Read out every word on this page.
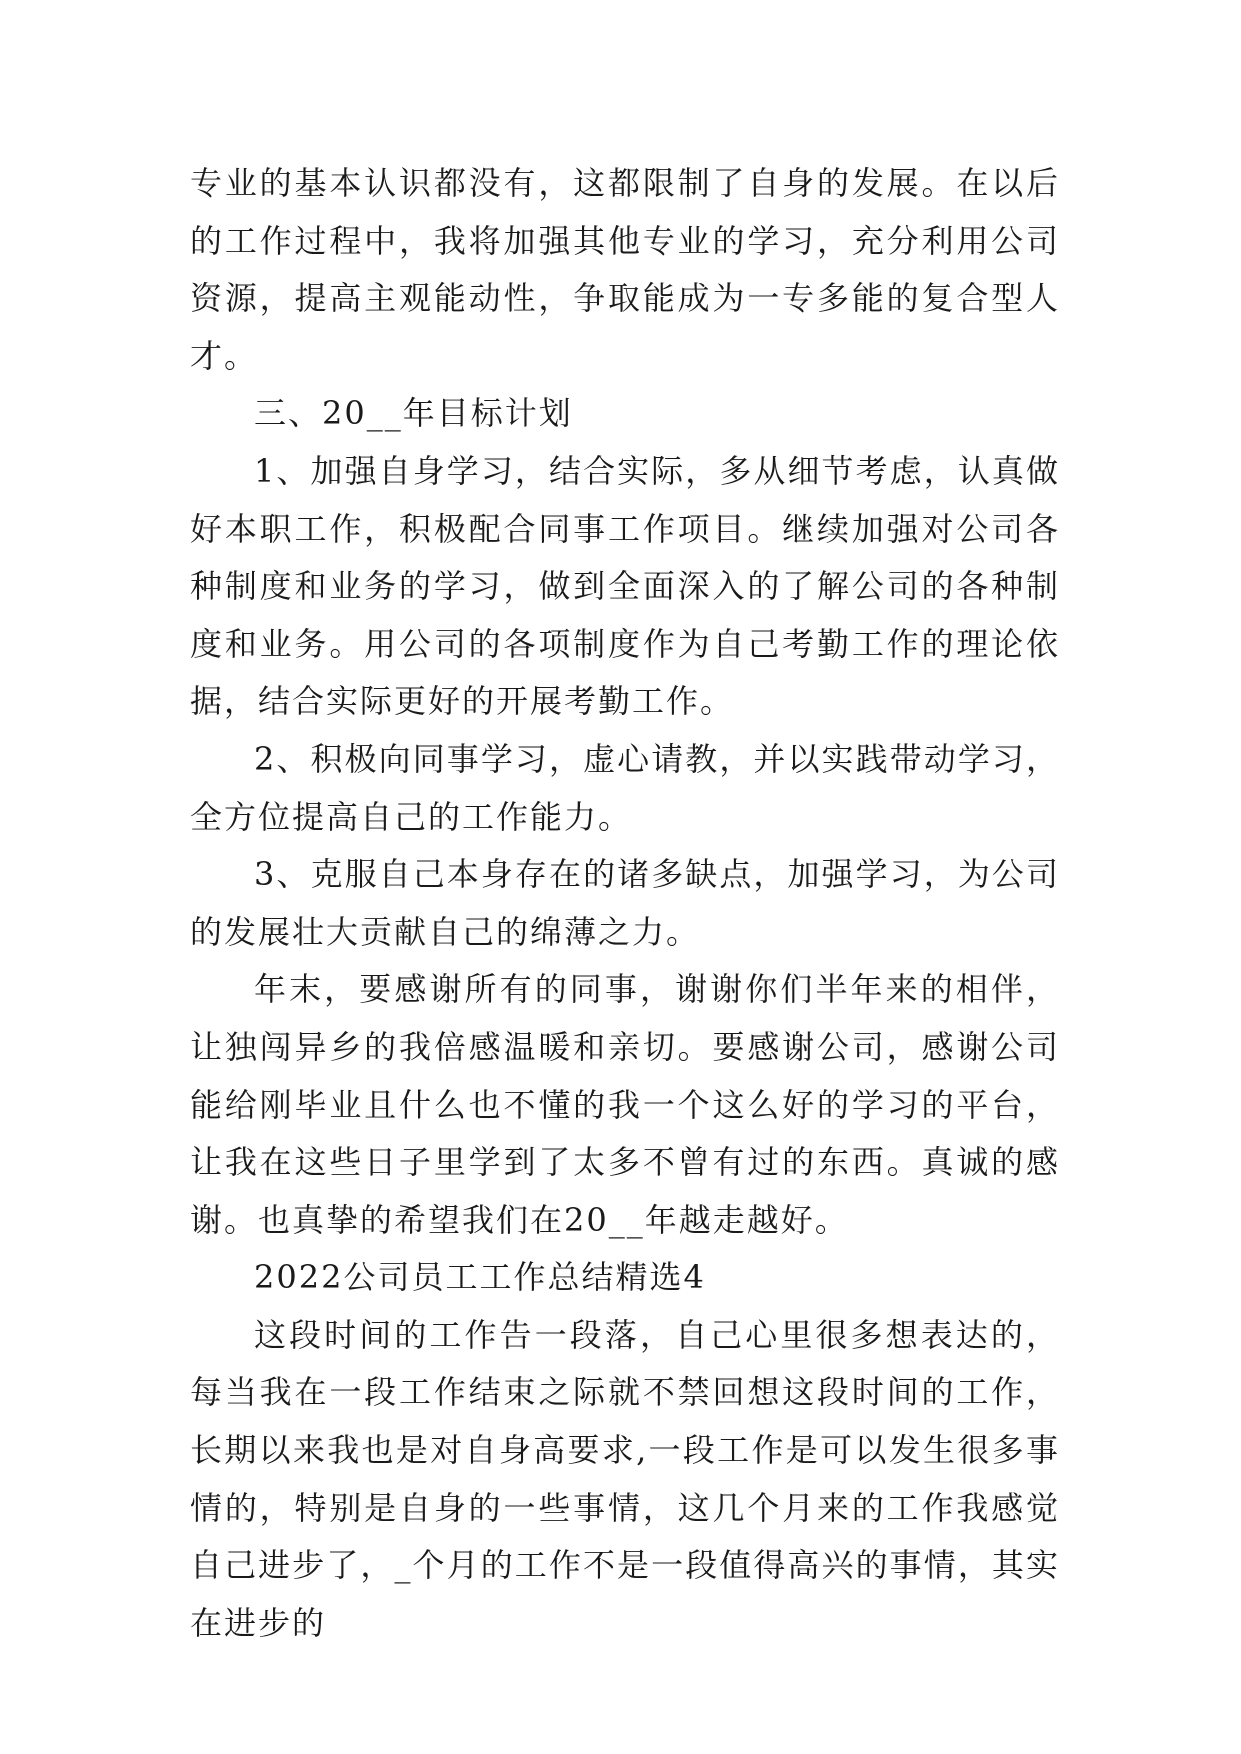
专业的基本认识都没有，这都限制了自身的发展。在以后的工作过程中，我将加强其他专业的学习，充分利用公司资源，提高主观能动性，争取能成为一专多能的复合型人才。

三、20__年目标计划

1、加强自身学习，结合实际，多从细节考虑，认真做好本职工作，积极配合同事工作项目。继续加强对公司各种制度和业务的学习，做到全面深入的了解公司的各种制度和业务。用公司的各项制度作为自己考勤工作的理论依据，结合实际更好的开展考勤工作。

2、积极向同事学习，虚心请教，并以实践带动学习，全方位提高自己的工作能力。

3、克服自己本身存在的诸多缺点，加强学习，为公司的发展壮大贡献自己的绵薄之力。

年末，要感谢所有的同事，谢谢你们半年来的相伴，让独闯异乡的我倍感温暖和亲切。要感谢公司，感谢公司能给刚毕业且什么也不懂的我一个这么好的学习的平台，让我在这些日子里学到了太多不曾有过的东西。真诚的感谢。也真挚的希望我们在20__年越走越好。

2022公司员工工作总结精选4

这段时间的工作告一段落，自己心里很多想表达的，每当我在一段工作结束之际就不禁回想这段时间的工作，长期以来我也是对自身高要求,一段工作是可以发生很多事情的，特别是自身的一些事情，这几个月来的工作我感觉自己进步了，_个月的工作不是一段值得高兴的事情，其实在进步的
